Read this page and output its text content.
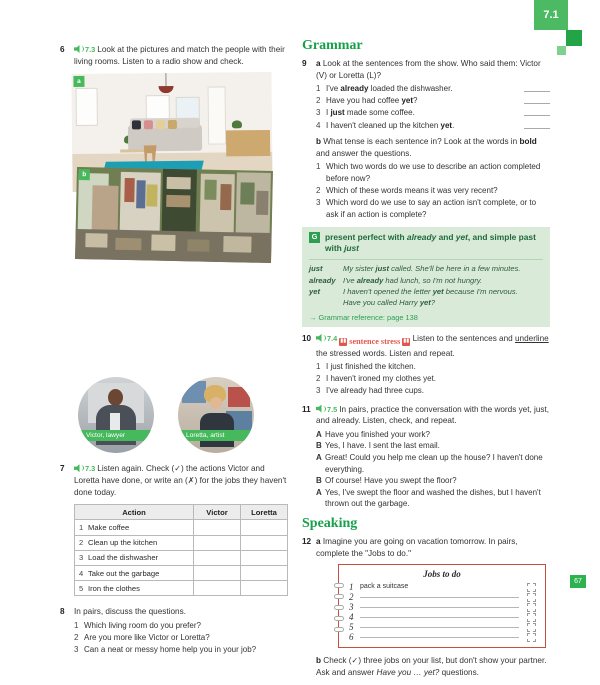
7.1
6	7.3 Look at the pictures and match the people with their living rooms. Listen to a radio show and check.
a
b
Victor, lawyer	Loretta, artist
7	7.3 Listen again. Check (✓) the actions Victor and Loretta have done, or write an (✗) for the jobs they haven't done today.
Action	Victor	Loretta
1 Make coffee		
2 Clean up the kitchen		
3 Load the dishwasher		
4 Take out the garbage		
5 Iron the clothes		
8	In pairs, discuss the questions.
1 Which living room do you prefer?
2 Are you more like Victor or Loretta?
3 Can a neat or messy home help you in your job?
Grammar
9	a Look at the sentences from the show. Who said them: Victor (V) or Loretta (L)?
1 I've already loaded the dishwasher.
2 Have you had coffee yet?
3 I just made some coffee.
4 I haven't cleaned up the kitchen yet.
b What tense is each sentence in? Look at the words in bold and answer the questions.
1 Which two words do we use to describe an action completed before now?
2 Which of these words means it was very recent?
3 Which word do we use to say an action isn't complete, or to ask if an action is complete?
G present perfect with already and yet, and simple past with just
just	My sister just called. She'll be here in a few minutes.
already I've already had lunch, so I'm not hungry.
yet	I haven't opened the letter yet because I'm nervous.
Have you called Harry yet?
→ Grammar reference: page 138
10	7.4 ▮▮ sentence stress ▮▮ Listen to the sentences and underline the stressed words. Listen and repeat.
1 I just finished the kitchen.
2 I haven't ironed my clothes yet.
3 I've already had three cups.
11	7.5 In pairs, practice the conversation with the words yet, just, and already. Listen, check, and repeat.
A Have you finished your work?
B Yes, I have. I sent the last email.
A Great! Could you help me clean up the house? I haven't done everything.
B Of course! Have you swept the floor?
A Yes, I've swept the floor and washed the dishes, but I haven't thrown out the garbage.
Speaking
12 a Imagine you are going on vacation tomorrow. In pairs, complete the "Jobs to do."
Jobs to do
1 pack a suitcase
2
3
4
5
6
b Check (✓) three jobs on your list, but don't show your partner. Ask and answer Have you … yet? questions.
67
